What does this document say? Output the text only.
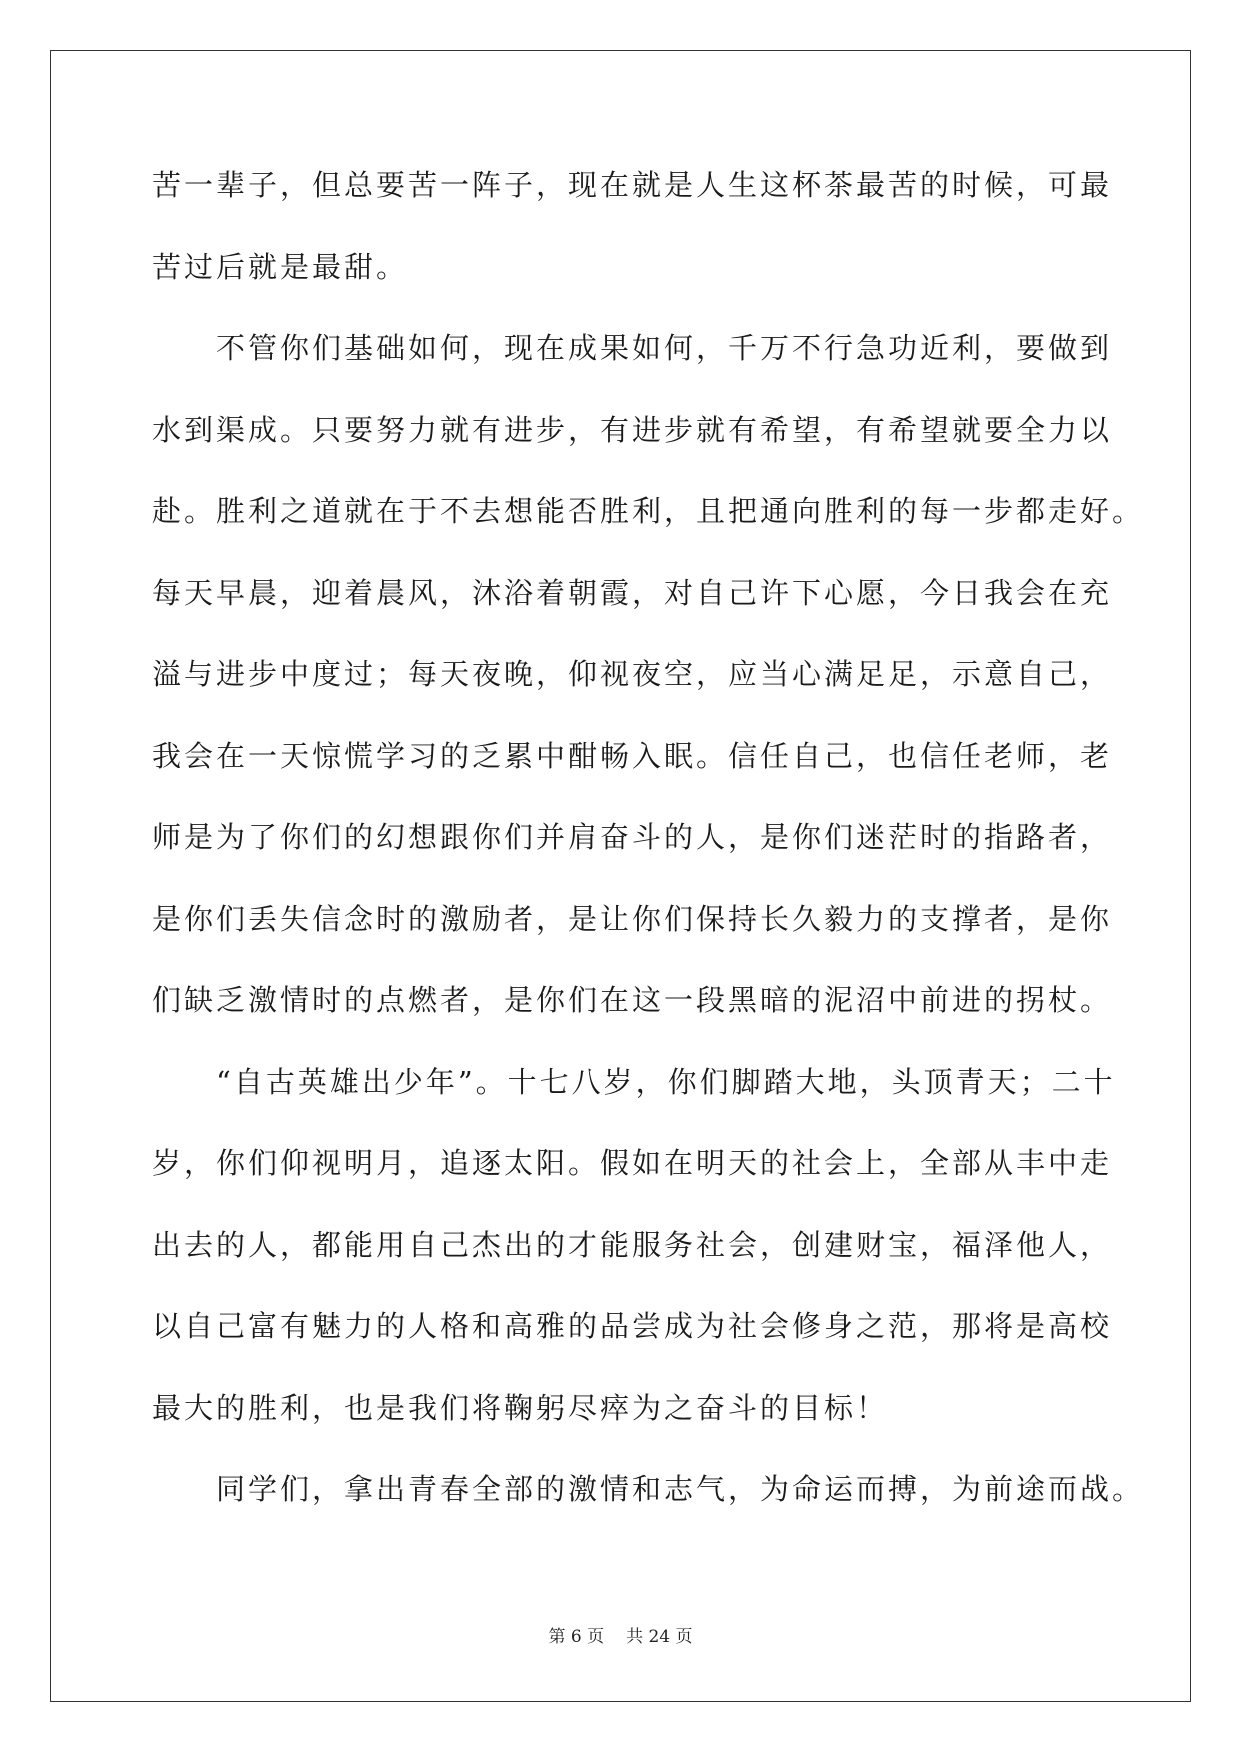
苦一辈子，但总要苦一阵子，现在就是人生这杯茶最苦的时候，可最
苦过后就是最甜。
不管你们基础如何，现在成果如何，千万不行急功近利，要做到
水到渠成。只要努力就有进步，有进步就有希望，有希望就要全力以
赴。胜利之道就在于不去想能否胜利，且把通向胜利的每一步都走好。
每天早晨，迎着晨风，沐浴着朝霞，对自己许下心愿，今日我会在充
溢与进步中度过；每天夜晚，仰视夜空，应当心满足足，示意自己，
我会在一天惊慌学习的乏累中酣畅入眠。信任自己，也信任老师，老
师是为了你们的幻想跟你们并肩奋斗的人，是你们迷茫时的指路者，
是你们丢失信念时的激励者，是让你们保持长久毅力的支撑者，是你
们缺乏激情时的点燃者，是你们在这一段黑暗的泥沼中前进的拐杖。
“自古英雄出少年”。十七八岁，你们脚踏大地，头顶青天；二十
岁，你们仰视明月，追逐太阳。假如在明天的社会上，全部从丰中走
出去的人，都能用自己杰出的才能服务社会，创建财宝，福泽他人，
以自己富有魅力的人格和高雅的品尝成为社会修身之范，那将是高校
最大的胜利，也是我们将鞠躬尽瘁为之奋斗的目标！
同学们，拿出青春全部的激情和志气，为命运而搏，为前途而战。
第 6 页 共 24 页
